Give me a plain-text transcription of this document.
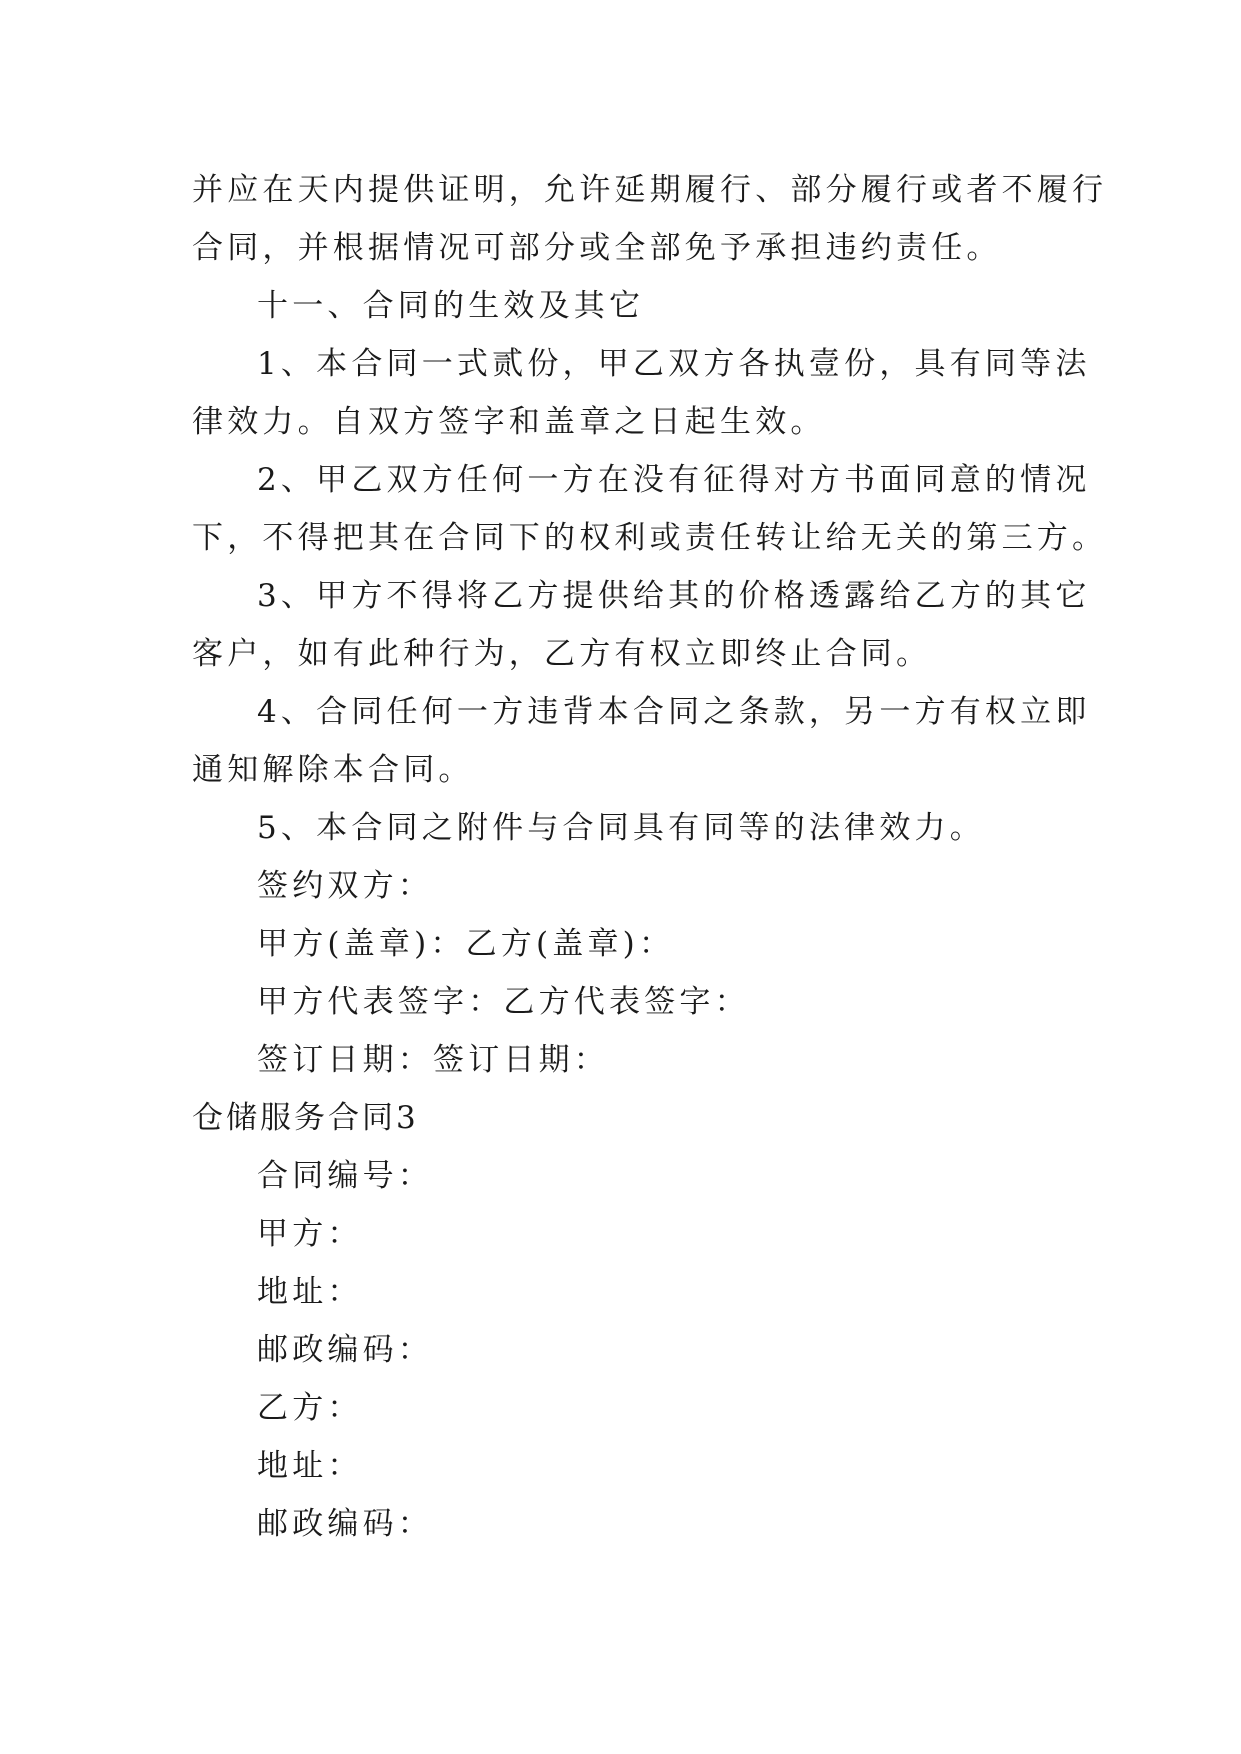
并应在天内提供证明，允许延期履行、部分履行或者不履行
合同，并根据情况可部分或全部免予承担违约责任。
十一、合同的生效及其它
1、本合同一式贰份，甲乙双方各执壹份，具有同等法
律效力。自双方签字和盖章之日起生效。
2、甲乙双方任何一方在没有征得对方书面同意的情况
下，不得把其在合同下的权利或责任转让给无关的第三方。
3、甲方不得将乙方提供给其的价格透露给乙方的其它
客户，如有此种行为，乙方有权立即终止合同。
4、合同任何一方违背本合同之条款，另一方有权立即
通知解除本合同。
5、本合同之附件与合同具有同等的法律效力。
签约双方：
甲方(盖章)：乙方(盖章)：
甲方代表签字：乙方代表签字：
签订日期：签订日期：
仓储服务合同3
合同编号：
甲方：
地址：
邮政编码：
乙方：
地址：
邮政编码：
